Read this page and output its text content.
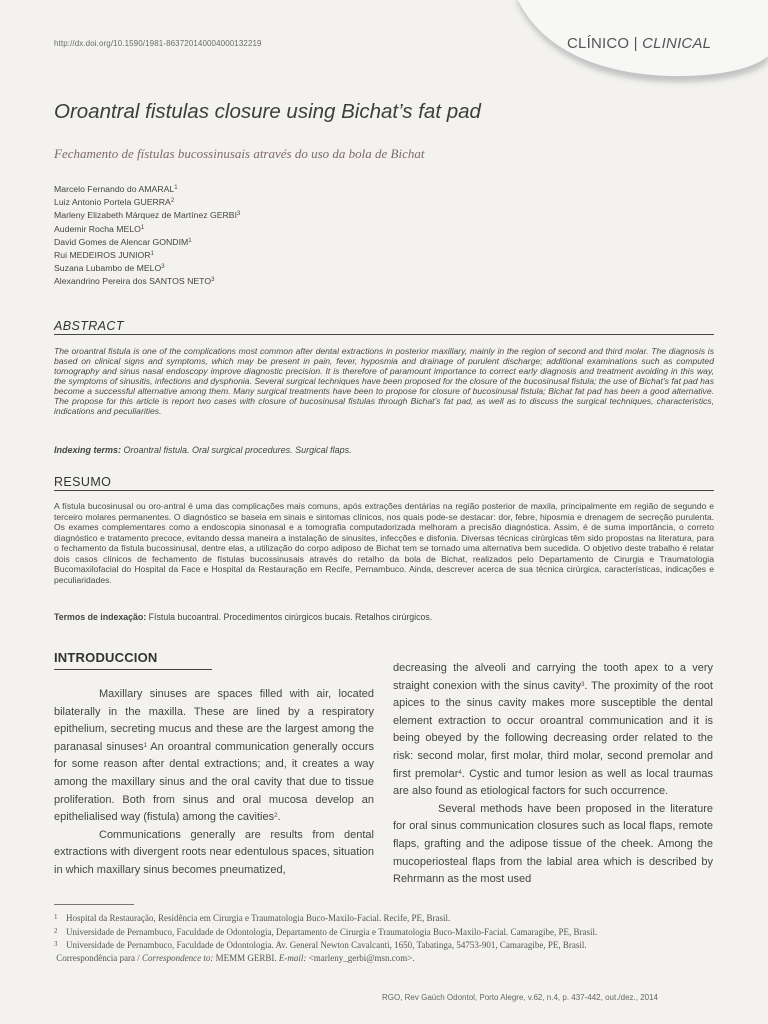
http://dx.doi.org/10.1590/1981-863720140004000132219	CLÍNICO | CLINICAL
Oroantral fistulas closure using Bichat’s fat pad
Fechamento de fístulas bucossinusais através do uso da bola de Bichat
Marcelo Fernando do AMARAL$^1$
Luiz Antonio Portela GUERRA$^2$
Marleny Elizabeth Márquez de Martínez GERBI$^3$
Audemir Rocha MELO$^1$
David Gomes de Alencar GONDIM$^1$
Rui MEDEIROS JUNIOR$^1$
Suzana Lubambo de MELO$^3$
Alexandrino Pereira dos SANTOS NETO$^3$
ABSTRACT
The oroantral fistula is one of the complications most common after dental extractions in posterior maxillary, mainly in the region of second and third molar. The diagnosis is based on clinical signs and symptoms, which may be present in pain, fever, hyposmia and drainage of purulent discharge; additional examinations such as computed tomography and sinus nasal endoscopy improve diagnostic precision. It is therefore of paramount importance to correct early diagnosis and treatment avoiding in this way, the symptoms of sinusitis, infections and dysphonia. Several surgical techniques have been proposed for the closure of the bucosinusal fistula; the use of Bichat’s fat pad has become a successful alternative among them. Many surgical treatments have been to propose for closure of bucosinusal fistula; Bichat fat pad has been a good alternative. The propose for this article is report two cases with closure of bucosinusal fistulas through Bichat’s fat pad, as well as to discuss the surgical techniques, characteristics, indications and peculiarities.
Indexing terms: Oroantral fistula. Oral surgical procedures. Surgical flaps.
RESUMO
A fístula bucosinusal ou oro-antral é uma das complicações mais comuns, após extrações dentárias na região posterior de maxila, principalmente em região de segundo e terceiro molares permanentes. O diagnóstico se baseia em sinais e sintomas clínicos, nos quais pode-se destacar: dor, febre, hiposmia e drenagem de secreção purulenta. Os exames complementares como a endoscopia sinonasal e a tomografia computadorizada melhoram a precisão diagnóstica. Assim, é de suma importância, o correto diagnóstico e tratamento precoce, evitando dessa maneira a instalação de sinusites, infecções e disfonia. Diversas técnicas cirúrgicas têm sido propostas na literatura, para o fechamento da fístula bucossinusal, dentre elas, a utilização do corpo adiposo de Bichat tem se tornado uma alternativa bem sucedida. O objetivo deste trabalho é relatar dois casos clínicos de fechamento de fístulas bucossinusais através do retalho da bola de Bichat, realizados pelo Departamento de Cirurgia e Traumatologia Bucomaxilofacial do Hospital da Face e Hospital da Restauração em Recife, Pernambuco. Ainda, descrever acerca de sua técnica cirúrgica, características, indicações e peculiaridades.
Termos de indexação: Fístula bucoantral. Procedimentos cirúrgicos bucais. Retalhos cirúrgicos.
INTRODUCCION

Maxillary sinuses are spaces filled with air, located bilaterally in the maxilla. These are lined by a respiratory epithelium, secreting mucus and these are the largest among the paranasal sinuses$^1$ An oroantral communication generally occurs for some reason after dental extractions; and, it creates a way among the maxillary sinus and the oral cavity that due to tissue proliferation. Both from sinus and oral mucosa develop an epithelialised way (fistula) among the cavities$^2$.

Communications generally are results from dental extractions with divergent roots near edentulous spaces, situation in which maxillary sinus becomes pneumatized,

decreasing the alveoli and carrying the tooth apex to a very straight conexion with the sinus cavity$^3$. The proximity of the root apices to the sinus cavity makes more susceptible the dental element extraction to occur oroantral communication and it is being obeyed by the following decreasing order related to the risk: second molar, first molar, third molar, second premolar and first premolar$^4$. Cystic and tumor lesion as well as local traumas are also found as etiological factors for such occurrence.

Several methods have been proposed in the literature for oral sinus communication closures such as local flaps, remote flaps, grafting and the adipose tissue of the cheek. Among the mucoperiosteal flaps from the labial area which is described by Rehrmann as the most used

1 Hospital da Restauração, Residência em Cirurgia e Traumatologia Buco-Maxilo-Facial. Recife, PE, Brasil.
2 Universidade de Pernambuco, Faculdade de Odontologia, Departamento de Cirurgia e Traumatologia Buco-Maxilo-Facial. Camaragibe, PE, Brasil.
3 Universidade de Pernambuco, Faculdade de Odontologia. Av. General Newton Cavalcanti, 1650, Tabatinga, 54753-901, Camaragibe, PE, Brasil.
Correspondência para / Correspondence to: MEMM GERBI. E-mail: <marleny_gerbi@msn.com>.
RGO, Rev Gaúch Odontol, Porto Alegre, v.62, n.4, p. 437-442, out./dez., 2014
